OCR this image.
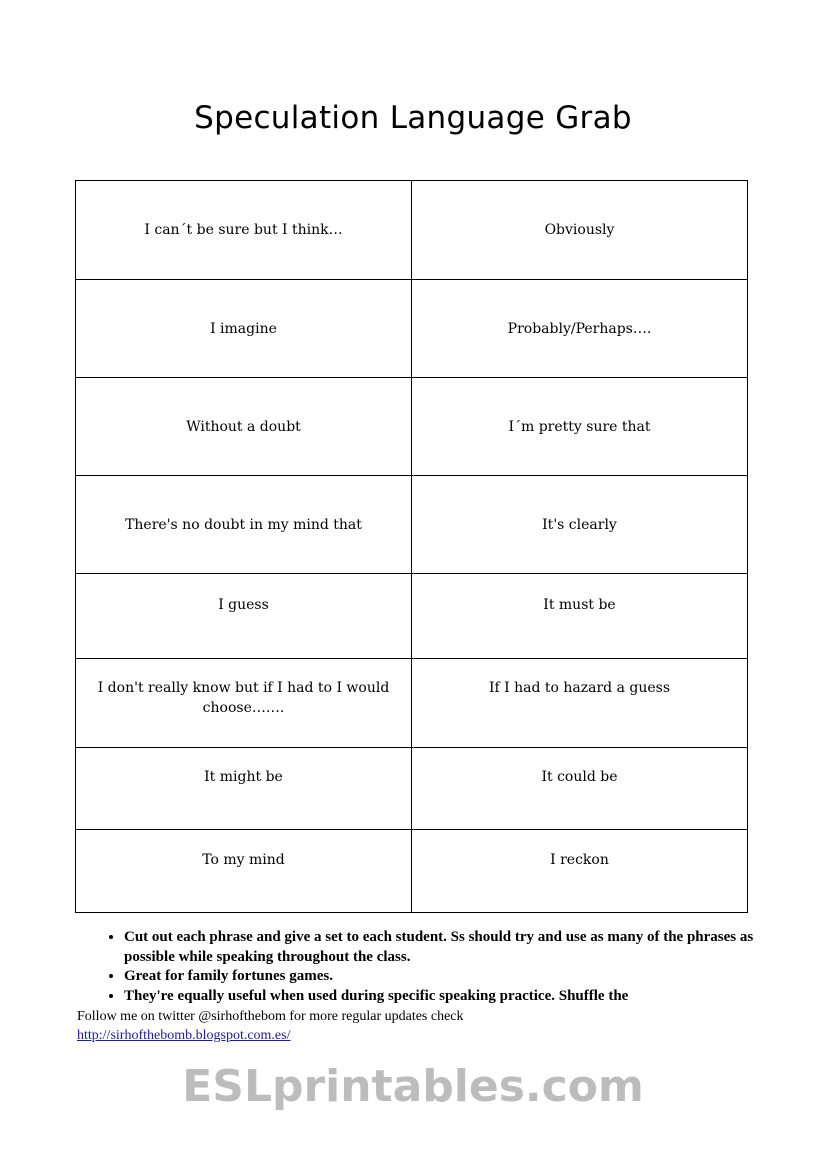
Speculation Language Grab
I can´t be sure but I think…	Obviously
I imagine	Probably/Perhaps….
Without a doubt	I´m pretty sure that
There's no doubt in my mind that	It's clearly
I guess	It must be
I don't really know but if I had to I would choose…….	If I had to hazard a guess
It might be	It could be
To my mind	I reckon
• Cut out each phrase and give a set to each student. Ss should try and use as many of the phrases as possible while speaking throughout the class.
• Great for family fortunes games.
• They're equally useful when used during specific speaking practice. Shuffle the
Follow me on twitter @sirhofthebom for more regular updates check
http://sirhofthebomb.blogspot.com.es/
ESLprintables.com
